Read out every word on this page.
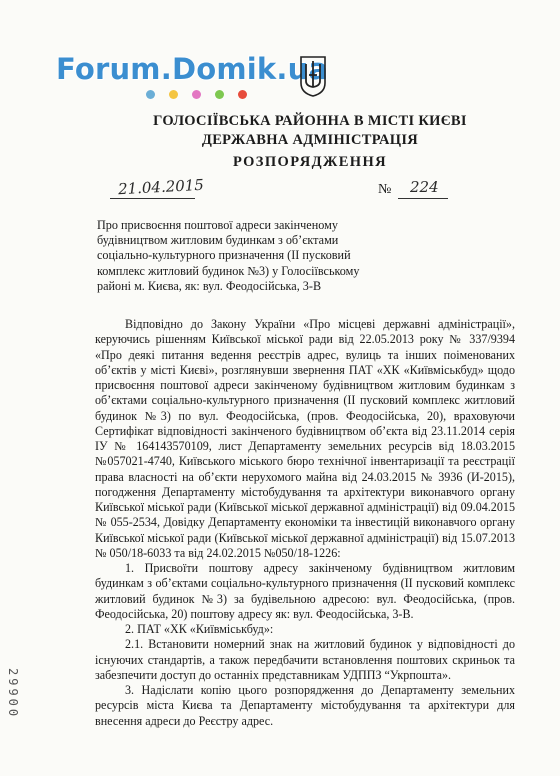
Forum.Domik.ua
ГОЛОСІЇВСЬКА РАЙОННА В МІСТІ КИЄВІ
ДЕРЖАВНА АДМІНІСТРАЦІЯ
РОЗПОРЯДЖЕННЯ
21.04.2015	№ 224
Про присвоєння поштової адреси закінченому
будівництвом житловим будинкам з об’єктами
соціально-культурного призначення (ІІ пусковий
комплекс житловий будинок №3) у Голосіївському
районі м. Києва, як: вул. Феодосійська, 3-В

Відповідно до Закону України «Про місцеві державні адміністрації», керуючись рішенням Київської міської ради від 22.05.2013 року № 337/9394 «Про деякі питання ведення реєстрів адрес, вулиць та інших поіменованих об’єктів у місті Києві», розглянувши звернення ПАТ «ХК «Київміськбуд» щодо присвоєння поштової адреси закінченому будівництвом житловим будинкам з об’єктами соціально-культурного призначення (ІІ пусковий комплекс житловий будинок №3) по вул. Феодосійська, (пров. Феодосійська, 20), враховуючи Сертифікат відповідності закінченого будівництвом об’єкта від 23.11.2014 серія ІУ № 164143570109, лист Департаменту земельних ресурсів від 18.03.2015 №057021-4740, Київського міського бюро технічної інвентаризації та реєстрації права власності на об’єкти нерухомого майна від 24.03.2015 № 3936 (И-2015), погодження Департаменту містобудування та архітектури виконавчого органу Київської міської ради (Київської міської державної адміністрації) від 09.04.2015 № 055-2534, Довідку Департаменту економіки та інвестицій виконавчого органу Київської міської ради (Київської міської державної адміністрації) від 15.07.2013 № 050/18-6033 та від 24.02.2015 №050/18-1226:

1. Присвоїти поштову адресу закінченому будівництвом житловим будинкам з об’єктами соціально-культурного призначення (ІІ пусковий комплекс житловий будинок №3) за будівельною адресою: вул. Феодосійська, (пров. Феодосійська, 20) поштову адресу як: вул. Феодосійська, 3-В.

2. ПАТ «ХК «Київміськбуд»:

2.1. Встановити номерний знак на житловий будинок у відповідності до існуючих стандартів, а також передбачити встановлення поштових скриньок та забезпечити доступ до останніх представникам УДППЗ “Укрпошта».

3. Надіслати копію цього розпорядження до Департаменту земельних ресурсів міста Києва та Департаменту містобудування та архітектури для внесення адреси до Реєстру адрес.

29900
